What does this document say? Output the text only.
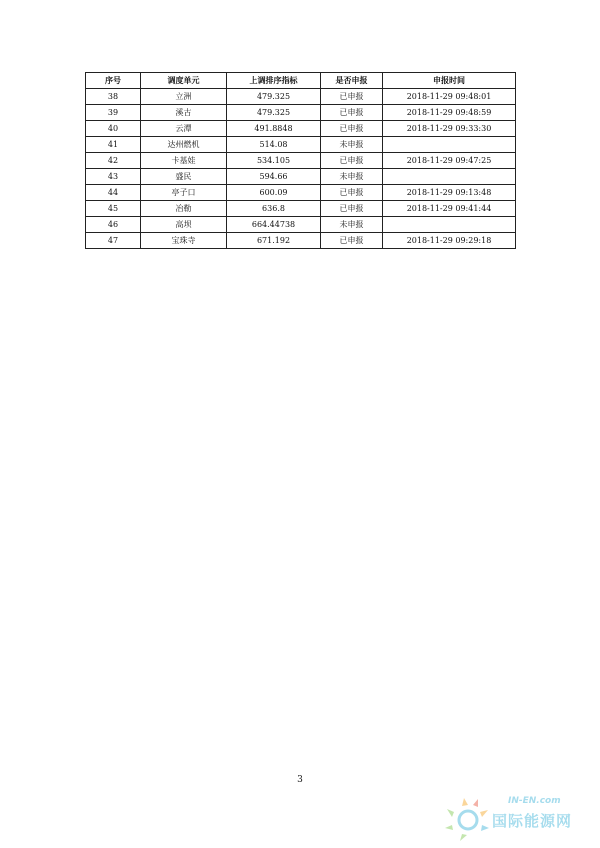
序号	调度单元	上调排序指标	是否申报	申报时间
38	立洲	479.325	已申报	2018-11-29 09:48:01
39	溪古	479.325	已申报	2018-11-29 09:48:59
40	云潭	491.8848	已申报	2018-11-29 09:33:30
41	达州燃机	514.08	未申报	
42	卡基娃	534.105	已申报	2018-11-29 09:47:25
43	盛民	594.66	未申报	
44	亭子口	600.09	已申报	2018-11-29 09:13:48
45	冶勒	636.8	已申报	2018-11-29 09:41:44
46	高坝	664.44738	未申报	
47	宝珠寺	671.192	已申报	2018-11-29 09:29:18
3
IN-EN.com
国际能源网
